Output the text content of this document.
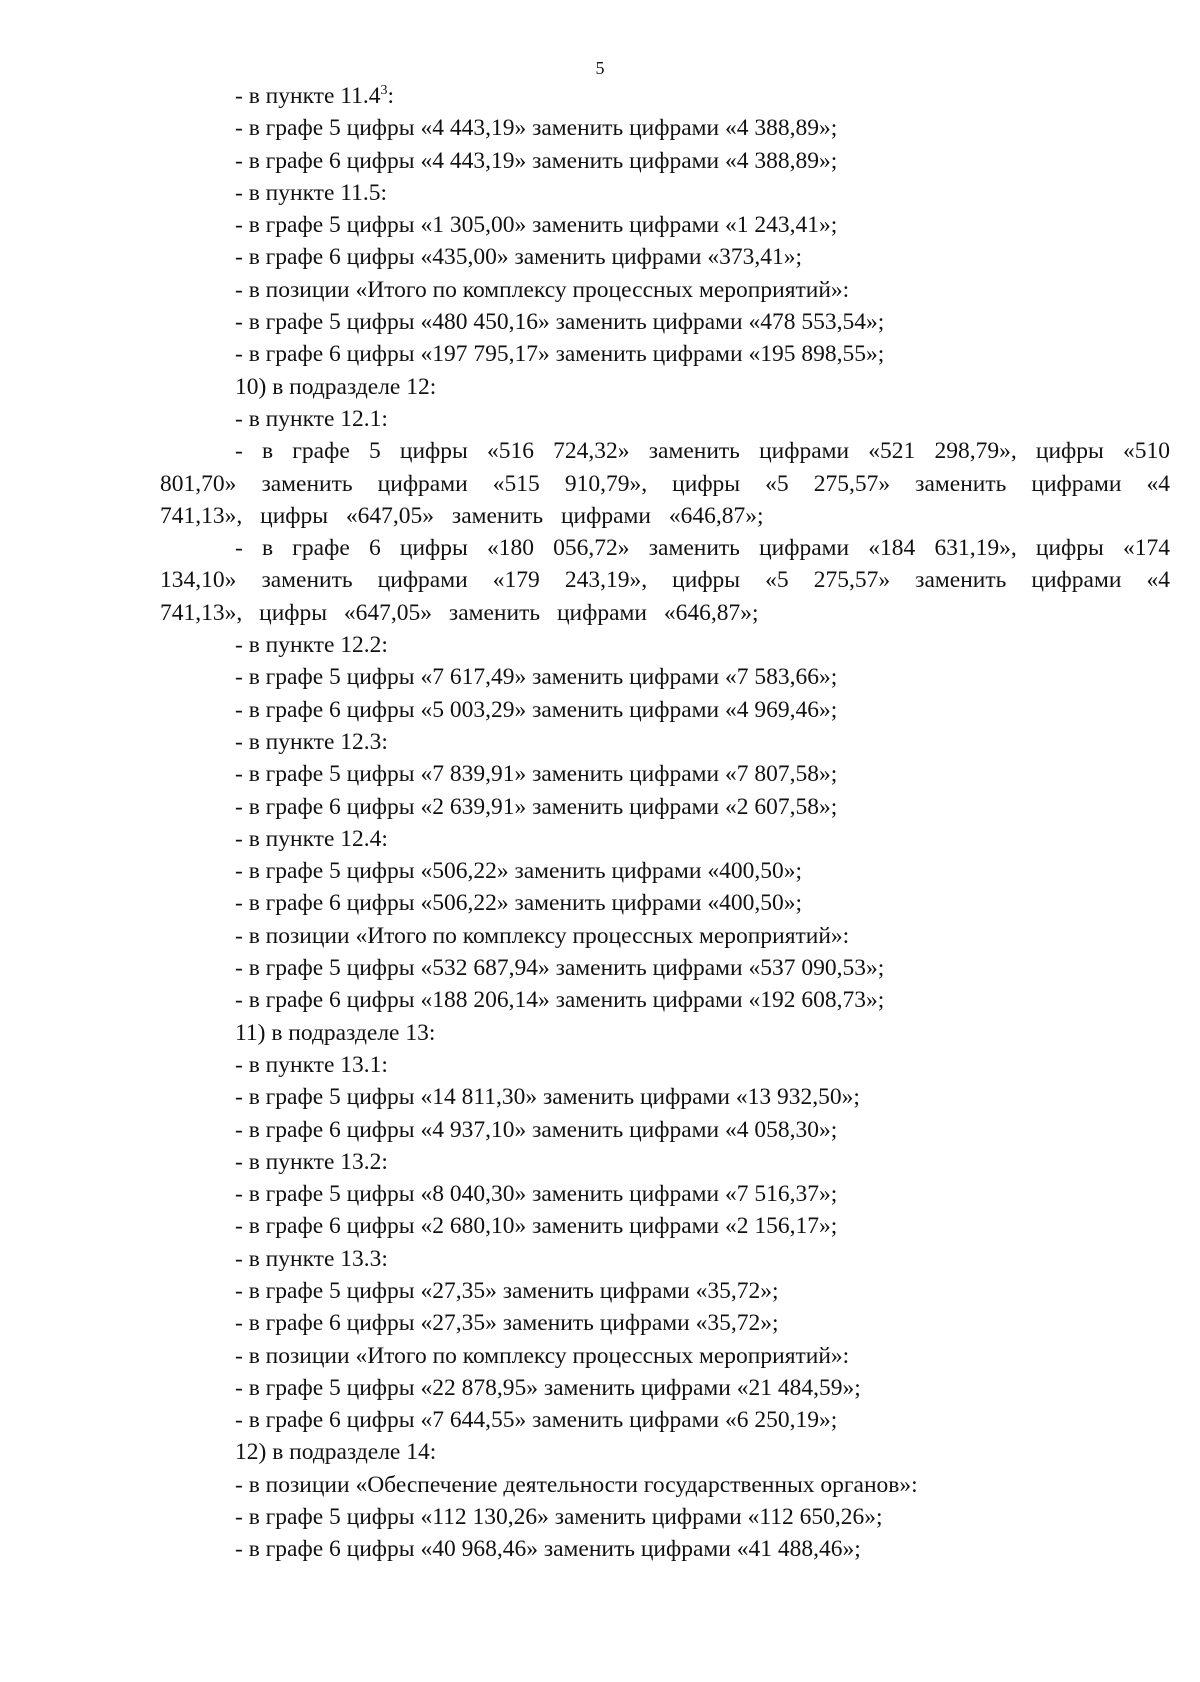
5
- в пункте 11.4$^3$:
- в графе 5 цифры «4 443,19» заменить цифрами «4 388,89»;
- в графе 6 цифры «4 443,19» заменить цифрами «4 388,89»;
- в пункте 11.5:
- в графе 5 цифры «1 305,00» заменить цифрами «1 243,41»;
- в графе 6 цифры «435,00» заменить цифрами «373,41»;
- в позиции «Итого по комплексу процессных мероприятий»:
- в графе 5 цифры «480 450,16» заменить цифрами «478 553,54»;
- в графе 6 цифры «197 795,17» заменить цифрами «195 898,55»;
10) в подразделе 12:
- в пункте 12.1:
- в графе 5 цифры «516 724,32» заменить цифрами «521 298,79», цифры «510 801,70» заменить цифрами «515 910,79», цифры «5 275,57» заменить цифрами «4 741,13», цифры «647,05» заменить цифрами «646,87»;
- в графе 6 цифры «180 056,72» заменить цифрами «184 631,19», цифры «174 134,10» заменить цифрами «179 243,19», цифры «5 275,57» заменить цифрами «4 741,13», цифры «647,05» заменить цифрами «646,87»;
- в пункте 12.2:
- в графе 5 цифры «7 617,49» заменить цифрами «7 583,66»;
- в графе 6 цифры «5 003,29» заменить цифрами «4 969,46»;
- в пункте 12.3:
- в графе 5 цифры «7 839,91» заменить цифрами «7 807,58»;
- в графе 6 цифры «2 639,91» заменить цифрами «2 607,58»;
- в пункте 12.4:
- в графе 5 цифры «506,22» заменить цифрами «400,50»;
- в графе 6 цифры «506,22» заменить цифрами «400,50»;
- в позиции «Итого по комплексу процессных мероприятий»:
- в графе 5 цифры «532 687,94» заменить цифрами «537 090,53»;
- в графе 6 цифры «188 206,14» заменить цифрами «192 608,73»;
11) в подразделе 13:
- в пункте 13.1:
- в графе 5 цифры «14 811,30» заменить цифрами «13 932,50»;
- в графе 6 цифры «4 937,10» заменить цифрами «4 058,30»;
- в пункте 13.2:
- в графе 5 цифры «8 040,30» заменить цифрами «7 516,37»;
- в графе 6 цифры «2 680,10» заменить цифрами «2 156,17»;
- в пункте 13.3:
- в графе 5 цифры «27,35» заменить цифрами «35,72»;
- в графе 6 цифры «27,35» заменить цифрами «35,72»;
- в позиции «Итого по комплексу процессных мероприятий»:
- в графе 5 цифры «22 878,95» заменить цифрами «21 484,59»;
- в графе 6 цифры «7 644,55» заменить цифрами «6 250,19»;
12) в подразделе 14:
- в позиции «Обеспечение деятельности государственных органов»:
- в графе 5 цифры «112 130,26» заменить цифрами «112 650,26»;
- в графе 6 цифры «40 968,46» заменить цифрами «41 488,46»;
